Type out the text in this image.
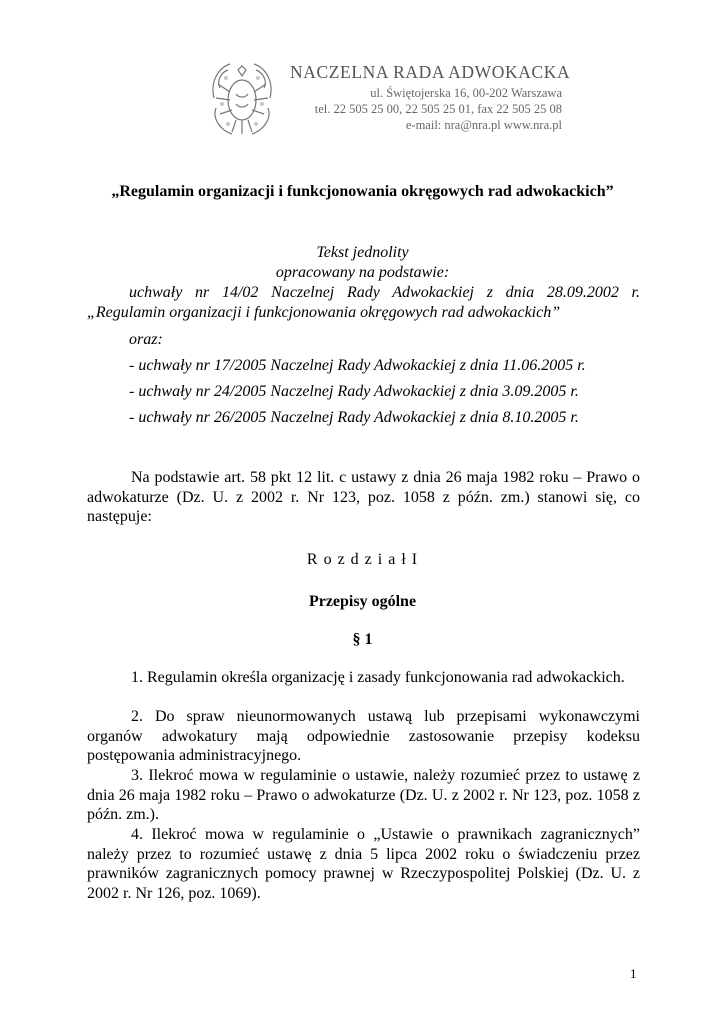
NACZELNA RADA ADWOKACKA
ul. Świętojerska 16, 00-202 Warszawa
tel. 22 505 25 00, 22 505 25 01, fax 22 505 25 08
e-mail: nra@nra.pl www.nra.pl
„Regulamin organizacji i funkcjonowania okręgowych rad adwokackich”
Tekst jednolity
opracowany na podstawie:
uchwały nr 14/02 Naczelnej Rady Adwokackiej z dnia 28.09.2002 r.
„Regulamin organizacji i funkcjonowania okręgowych rad adwokackich”
oraz:
- uchwały nr 17/2005 Naczelnej Rady Adwokackiej z dnia 11.06.2005 r.
- uchwały nr 24/2005 Naczelnej Rady Adwokackiej z dnia 3.09.2005 r.
- uchwały nr 26/2005 Naczelnej Rady Adwokackiej z dnia 8.10.2005 r.
Na podstawie art. 58 pkt 12 lit. c ustawy z dnia 26 maja 1982 roku – Prawo o adwokaturze (Dz. U. z 2002 r. Nr 123, poz. 1058 z późn. zm.) stanowi się, co następuje:
R o z d z i a ł I
Przepisy ogólne
§ 1
1. Regulamin określa organizację i zasady funkcjonowania rad adwokackich.
2. Do spraw nieunormowanych ustawą lub przepisami wykonawczymi organów adwokatury mają odpowiednie zastosowanie przepisy kodeksu postępowania administracyjnego.
3. Ilekroć mowa w regulaminie o ustawie, należy rozumieć przez to ustawę z dnia 26 maja 1982 roku – Prawo o adwokaturze (Dz. U. z 2002 r. Nr 123, poz. 1058 z późn. zm.).
4. Ilekroć mowa w regulaminie o „Ustawie o prawnikach zagranicznych” należy przez to rozumieć ustawę z dnia 5 lipca 2002 roku o świadczeniu przez prawników zagranicznych pomocy prawnej w Rzeczypospolitej Polskiej (Dz. U. z 2002 r. Nr 126, poz. 1069).
1
